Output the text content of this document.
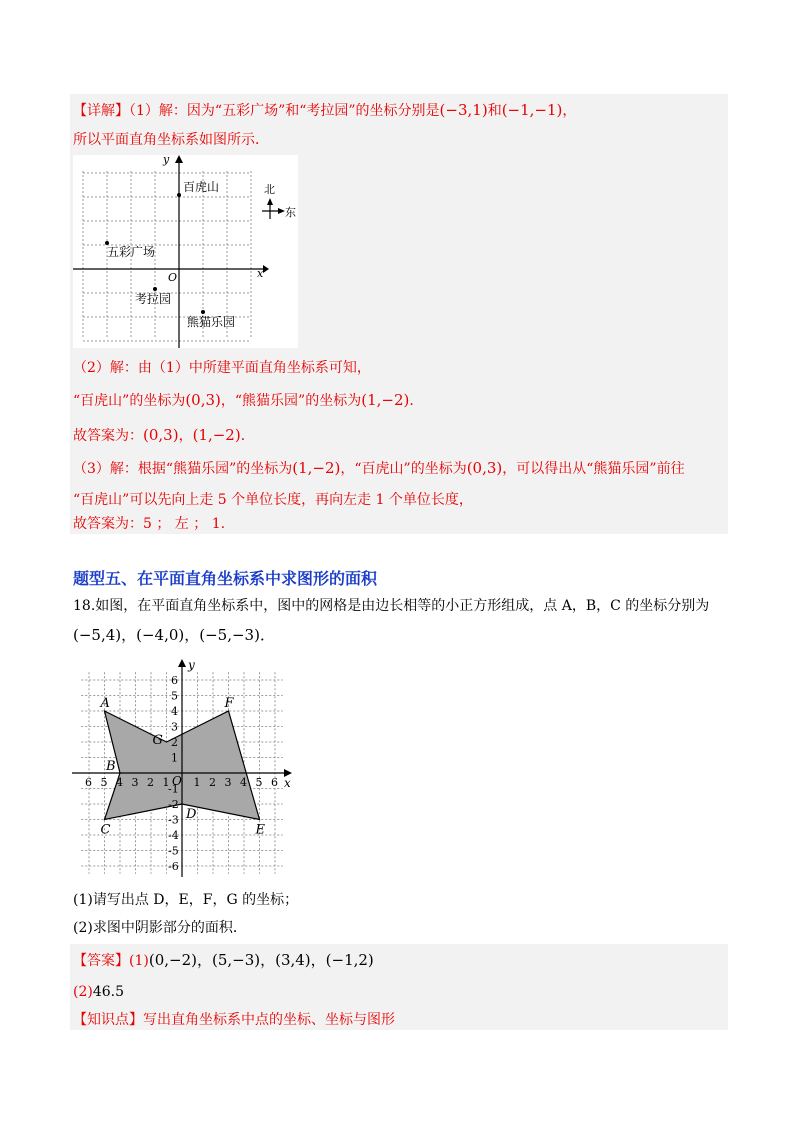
【详解】（1）解：因为“五彩广场”和“考拉园”的坐标分别是(−3,1)和(−1,−1)，
所以平面直角坐标系如图所示．
y
x
O
百虎山
五彩广场
考拉园
熊猫乐园
北
东
（2）解：由（1）中所建平面直角坐标系可知，
“百虎山”的坐标为(0,3)，“熊猫乐园”的坐标为(1,−2)．
故答案为：(0,3)，(1,−2)．
（3）解：根据“熊猫乐园”的坐标为(1,−2)，“百虎山”的坐标为(0,3)，可以得出从“熊猫乐园”前往
“百虎山”可以先向上走 5 个单位长度，再向左走 1 个单位长度，
故答案为：5 ； 左 ； 1.
题型五、在平面直角坐标系中求图形的面积
18.如图，在平面直角坐标系中，图中的网格是由边长相等的小正方形组成，点 A，B，C 的坐标分别为
(−5,4)，(−4,0)，(−5,−3)．
y
x
O
6 5 4 3 2 1 1 2 3 4 5 6
6
5
4
3
2
1
-1
-2
-3
-4
-5
-6
A
G
F
E
D
C
B
(1)请写出点 D，E，F，G 的坐标；
(2)求图中阴影部分的面积．
【答案】(1)(0,−2)，(5,−3)，(3,4)，(−1,2)
(2)46.5
【知识点】写出直角坐标系中点的坐标、坐标与图形
